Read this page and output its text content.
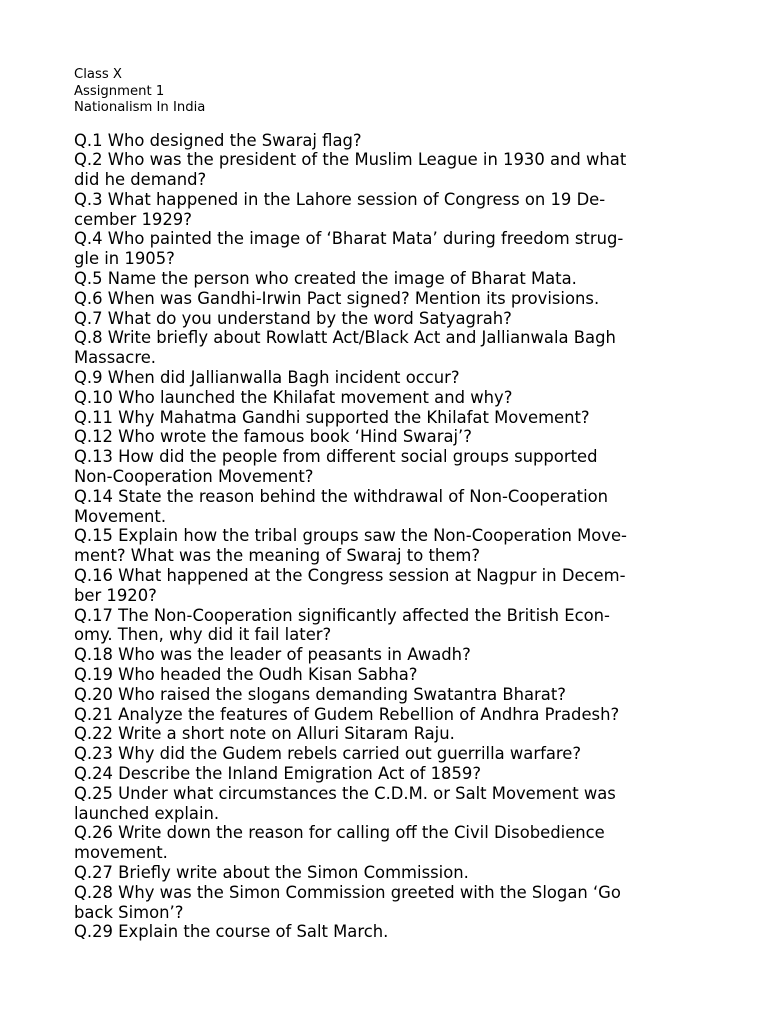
Class X
Assignment 1
Nationalism In India
Q.1 Who designed the Swaraj flag?
Q.2 Who was the president of the Muslim League in 1930 and what
did he demand?
Q.3 What happened in the Lahore session of Congress on 19 De-
cember 1929?
Q.4 Who painted the image of ‘Bharat Mata’ during freedom strug-
gle in 1905?
Q.5 Name the person who created the image of Bharat Mata.
Q.6 When was Gandhi-Irwin Pact signed? Mention its provisions.
Q.7 What do you understand by the word Satyagrah?
Q.8 Write briefly about Rowlatt Act/Black Act and Jallianwala Bagh
Massacre.
Q.9 When did Jallianwalla Bagh incident occur?
Q.10 Who launched the Khilafat movement and why?
Q.11 Why Mahatma Gandhi supported the Khilafat Movement?
Q.12 Who wrote the famous book ‘Hind Swaraj’?
Q.13 How did the people from different social groups supported
Non-Cooperation Movement?
Q.14 State the reason behind the withdrawal of Non-Cooperation
Movement.
Q.15 Explain how the tribal groups saw the Non-Cooperation Move-
ment? What was the meaning of Swaraj to them?
Q.16 What happened at the Congress session at Nagpur in Decem-
ber 1920?
Q.17 The Non-Cooperation significantly affected the British Econ-
omy. Then, why did it fail later?
Q.18 Who was the leader of peasants in Awadh?
Q.19 Who headed the Oudh Kisan Sabha?
Q.20 Who raised the slogans demanding Swatantra Bharat?
Q.21 Analyze the features of Gudem Rebellion of Andhra Pradesh?
Q.22 Write a short note on Alluri Sitaram Raju.
Q.23 Why did the Gudem rebels carried out guerrilla warfare?
Q.24 Describe the Inland Emigration Act of 1859?
Q.25 Under what circumstances the C.D.M. or Salt Movement was
launched explain.
Q.26 Write down the reason for calling off the Civil Disobedience
movement.
Q.27 Briefly write about the Simon Commission.
Q.28 Why was the Simon Commission greeted with the Slogan ‘Go
back Simon’?
Q.29 Explain the course of Salt March.
